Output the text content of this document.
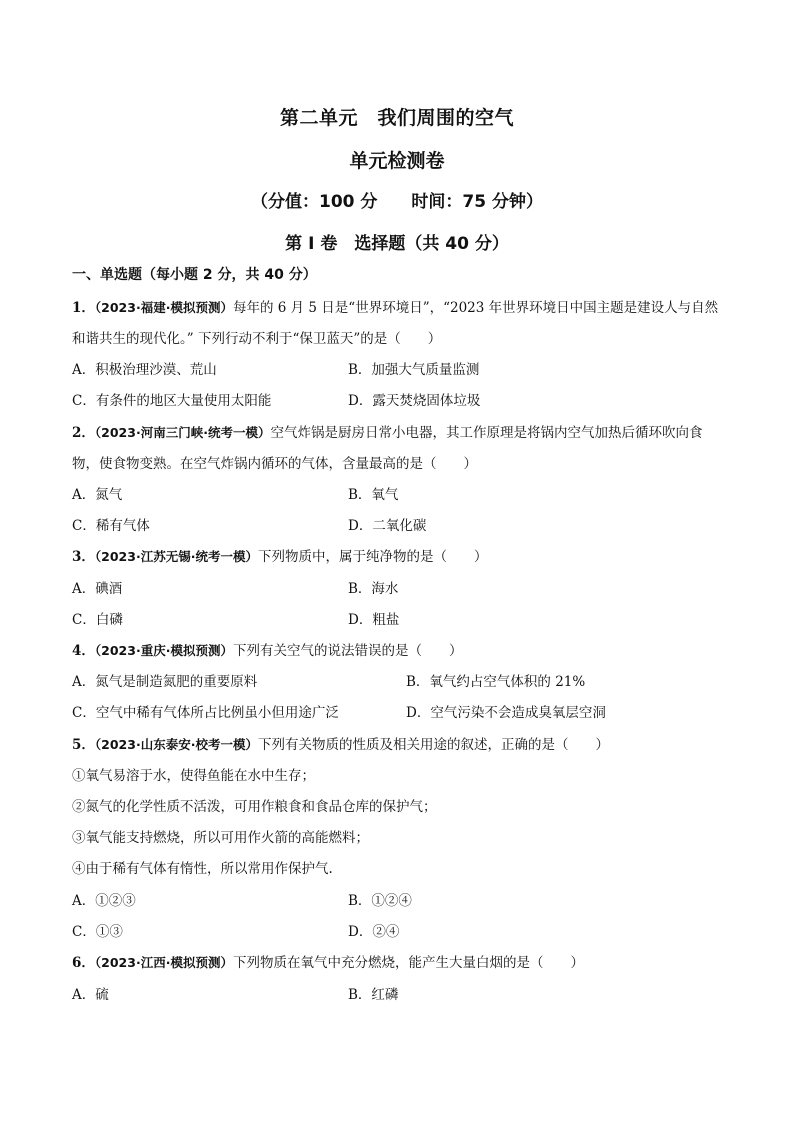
第二单元　我们周围的空气
单元检测卷
（分值：100 分　　时间：75 分钟）
第 I 卷　选择题（共 40 分）
一、单选题（每小题 2 分，共 40 分）
1．（2023·福建·模拟预测）每年的 6 月 5 日是“世界环境日”，“2023 年世界环境日中国主题是建设人与自然
和谐共生的现代化。” 下列行动不利于“保卫蓝天”的是（　　）
A．积极治理沙漠、荒山	B．加强大气质量监测
C．有条件的地区大量使用太阳能	D．露天焚烧固体垃圾
2．（2023·河南三门峡·统考一模）空气炸锅是厨房日常小电器，其工作原理是将锅内空气加热后循环吹向食
物，使食物变熟。在空气炸锅内循环的气体，含量最高的是（　　）
A．氮气	B．氧气
C．稀有气体	D．二氧化碳
3．（2023·江苏无锡·统考一模）下列物质中，属于纯净物的是（　　）
A．碘酒	B．海水
C．白磷	D．粗盐
4．（2023·重庆·模拟预测）下列有关空气的说法错误的是（　　）
A．氮气是制造氮肥的重要原料	B．氧气约占空气体积的 21%
C．空气中稀有气体所占比例虽小但用途广泛	D．空气污染不会造成臭氧层空洞
5．（2023·山东泰安·校考一模）下列有关物质的性质及相关用途的叙述，正确的是（　　）
①氧气易溶于水，使得鱼能在水中生存；
②氮气的化学性质不活泼，可用作粮食和食品仓库的保护气；
③氧气能支持燃烧，所以可用作火箭的高能燃料；
④由于稀有气体有惰性，所以常用作保护气.
A．①②③	B．①②④
C．①③	D．②④
6．（2023·江西·模拟预测）下列物质在氧气中充分燃烧，能产生大量白烟的是（　　）
A．硫	B．红磷
